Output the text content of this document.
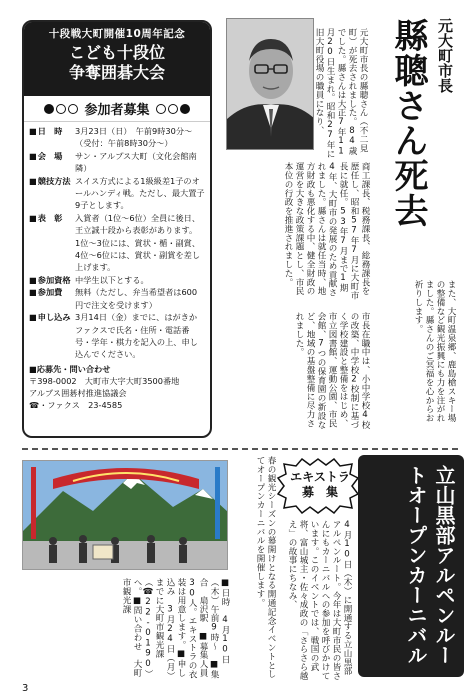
十段戦大町開催10周年記念
こども十段位
争奪囲碁大会
参加者募集
■ 日　時	3月23日（日）　午前9時30分～
（受付：午前8時30分～）
■ 会　場	サン・アルプス大町（文化会館南隣）
■ 競技方法 スイス方式による1級級差1子のオールハンディ戦。ただし、最大置子9子とします。
■ 表　彰	入賞者（1位～6位）全員に後日、王立誠十段から表彰があります。
1位～3位には、賞状・楯・副賞、4位～6位には、賞状・副賞を差し上げます。
■ 参加資格 中学生以下とする。
■ 参加費	無料（ただし、弁当希望者は600円で注文を受けます）
■ 申し込み 3月14日（金）までに、はがきかファクスで氏名・住所・電話番号・学年・棋力を記入の上、申し込んでください。
■応募先・問い合わせ
〒398-0002　大町市大字大町3500番地
アルプス囲碁村推進協議会
☎・ファクス　23-4585
元大町市長
縣聰さん死去
元大町市長の縣聰さん（不二見町）が死去されました。84歳でした。縣さんは大正7年11月20日生まれ。昭和27年に旧大町役場の職員になり、
商工課長、税務課長、総務課長を歴任し、昭和57年7月に大町市長に就任。53年7月まで1期4年、大町市の発展のため貢献されました。縣さんは就任当時、地方財政も悪化する中、健全財政の運営を大きな政策課題とし、市民本位の行政を推進されました。
市長在職中は、小中学校4校の改築、中学校2校制に基づく学校建設と整備をはじめ、市立図書館、運動公園、市民会館、7つの保育園の新設など、地域の基盤整備に尽力されました。	また、大町温泉郷、鹿島槍スキー場の整備など観光振興にも力を注がれました。縣さんのご冥福を心からお祈りします。
春の観光シーズンの幕開けとなる開通記念イベントとしてオープンカーニバルを開催します。	エキストラ
募　集
4月10日（木）に開通する立山黒部アルペンルート。今年は大町市民の皆さんにもカーニバルへの参加を呼びかけています。このイベントでは、戦国の武将、富山城主・佐々成政の「さらさら越え」の故事にちなみ、	立山黒部アルペンルートオープンカーニバル
■日時　4月10日（木）午前9時～　■集合　扇沢駅　■募集人員　30人。エキストラの衣装は用意します。■申し込み　3月24日（月）までに大町市観光課（☎22-0190）へ。■問い合わせ　大町市観光課
3
